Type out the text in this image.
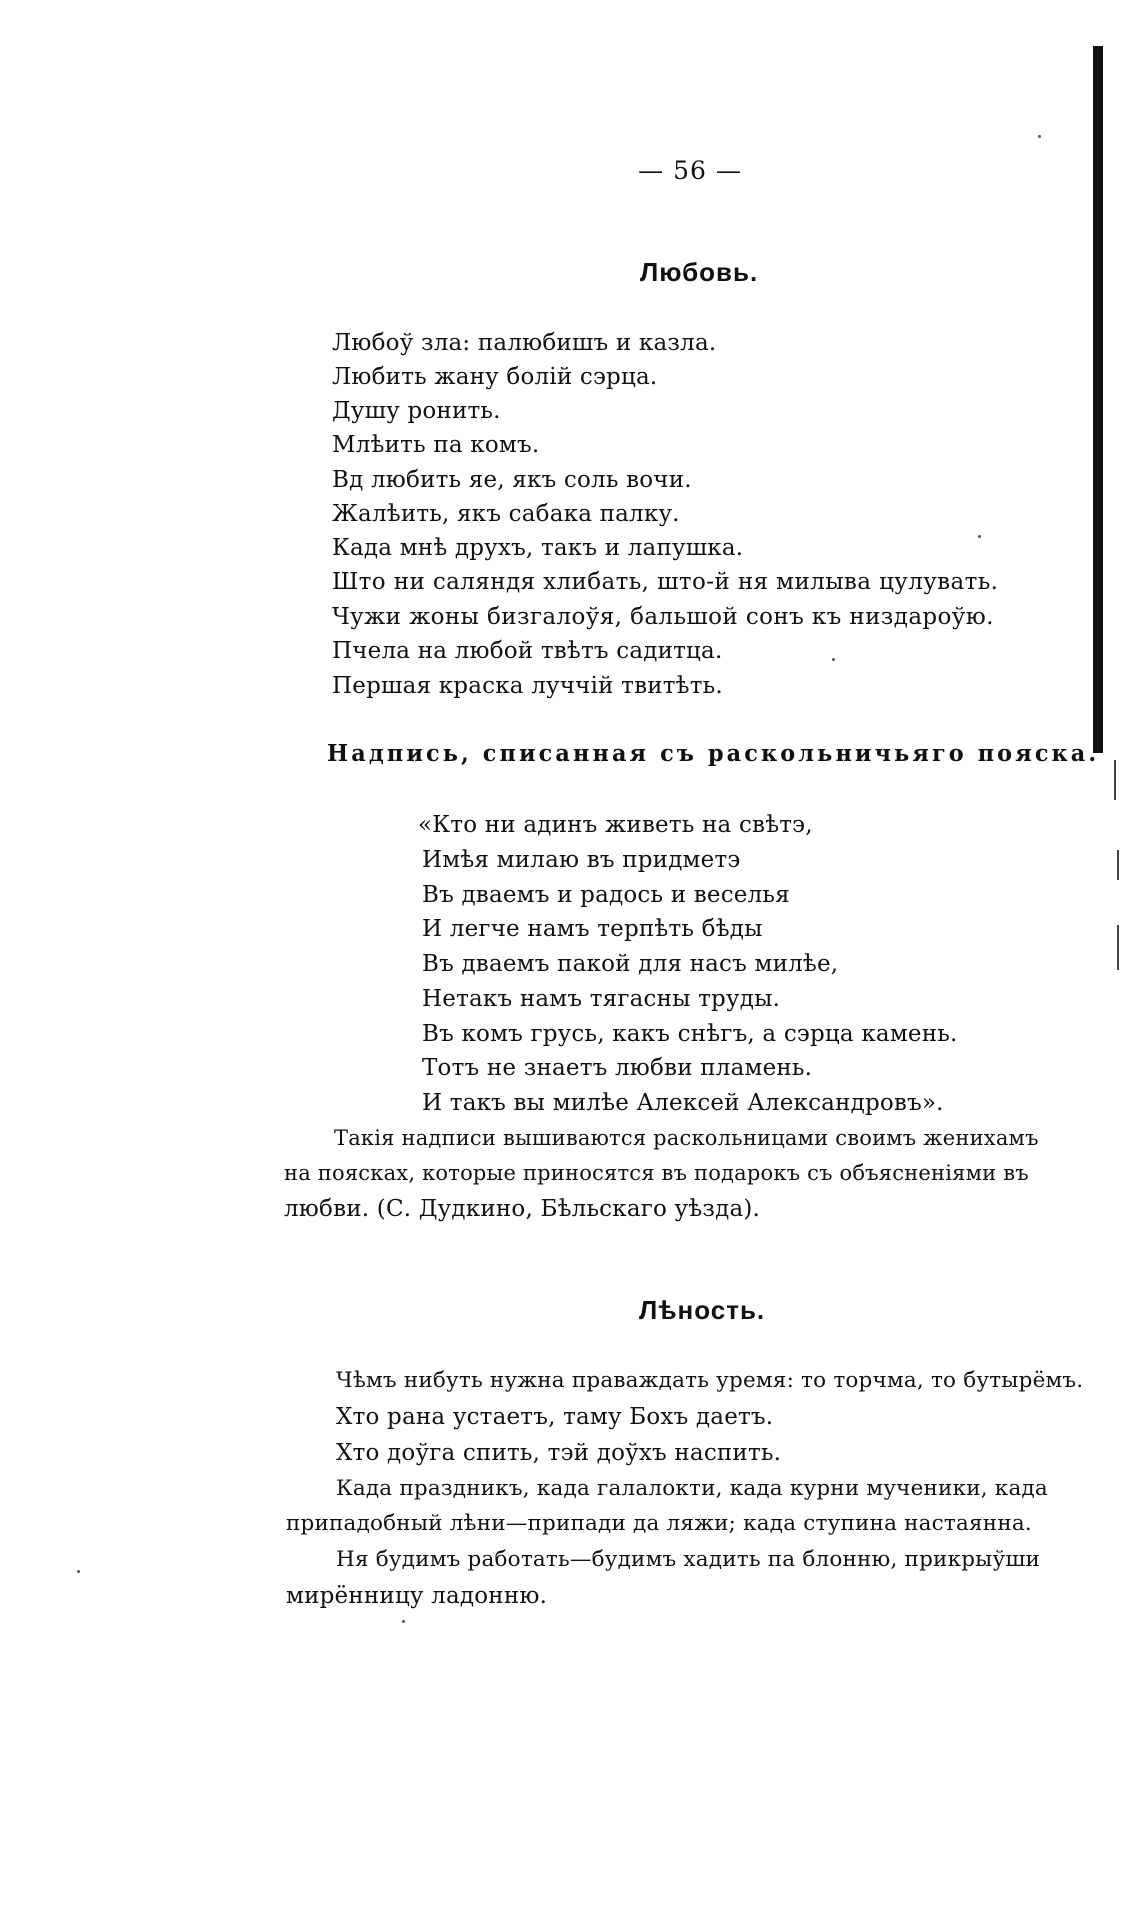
— 56 —
Любовь.
Любоў зла: палюбишъ и казла.
Любить жану болій сэрца.
Душу ронить.
Млѣить па комъ.
Вд любить яе, якъ соль вочи.
Жалѣить, якъ сабака палку.
Када мнѣ друхъ, такъ и лапушка.
Што ни саляндя хлибать, што-й ня милыва цулувать.
Чужи жоны бизгалоўя, бальшой сонъ къ низдароўю.
Пчела на любой твѣтъ садитца.
Першая краска луччій твитѣть.
Надпись, списанная съ раскольничьяго пояска.
«Кто ни адинъ живеть на свѣтэ,
Имѣя милаю въ придметэ
Въ дваемъ и радось и веселья
И легче намъ терпѣть бѣды
Въ дваемъ пакой для насъ милѣе,
Нетакъ намъ тягасны труды.
Въ комъ грусь, какъ снѣгъ, а сэрца камень.
Тотъ не знаетъ любви пламень.
И такъ вы милѣе Алексей Александровъ».
Такія надписи вышиваются раскольницами своимъ женихамъ
на поясках, которые приносятся въ подарокъ съ объясненіями въ
любви. (С. Дудкино, Бѣльскаго уѣзда).
Лѣность.
Чѣмъ нибуть нужна праваждать уремя: то торчма, то бутырёмъ.
Хто рана устаетъ, таму Бохъ даетъ.
Хто доўга спить, тэй доўхъ наспить.
Када праздникъ, када галалокти, када курни мученики, када
припадобный лѣни—припади да ляжи; када ступина настаянна.
Ня будимъ работать—будимъ хадить па блонню, прикрыўши
мирённицу ладонню.
